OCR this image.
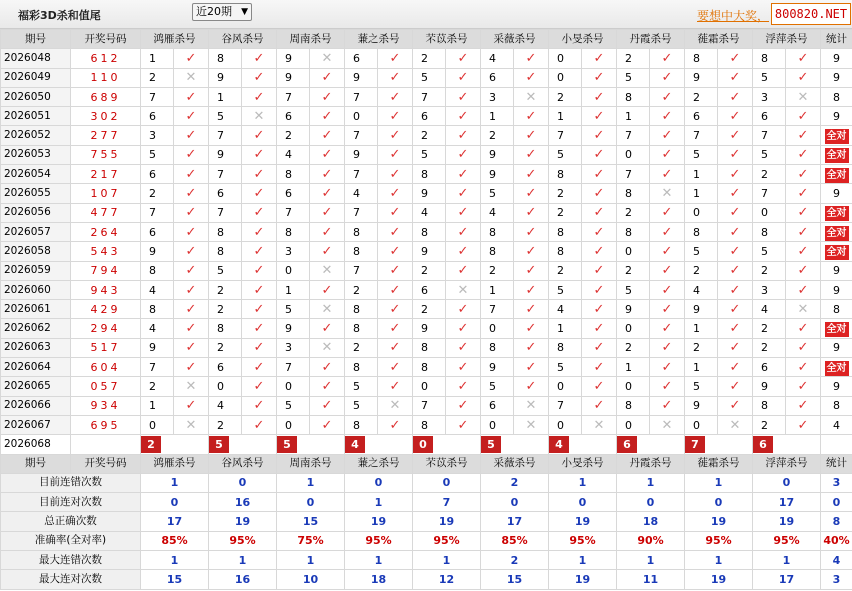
福彩3D杀和值尾	近20期 ▼	要想中大奖， 800820.NET
期号	开奖号码	鸿雁杀号		谷风杀号		周南杀号		蒹之杀号		芣苡杀号		采薇杀号		小旻杀号		丹霞杀号		蓰霜杀号		浮萍杀号		统计
2026048	612	1	✓	8	✓	9	✕	6	✓	2	✓	4	✓	0	✓	2	✓	8	✓	8	✓	9
2026049	110	2	✕	9	✓	9	✓	9	✓	5	✓	6	✓	0	✓	5	✓	9	✓	5	✓	9
2026050	689	7	✓	1	✓	7	✓	7	✓	7	✓	3	✕	2	✓	8	✓	2	✓	3	✕	8
2026051	302	6	✓	5	✕	6	✓	0	✓	6	✓	1	✓	1	✓	1	✓	6	✓	6	✓	9
2026052	277	3	✓	7	✓	2	✓	7	✓	2	✓	2	✓	7	✓	7	✓	7	✓	7	✓	全对
2026053	755	5	✓	9	✓	4	✓	9	✓	5	✓	9	✓	5	✓	0	✓	5	✓	5	✓	全对
2026054	217	6	✓	7	✓	8	✓	7	✓	8	✓	9	✓	8	✓	7	✓	1	✓	2	✓	全对
2026055	107	2	✓	6	✓	6	✓	4	✓	9	✓	5	✓	2	✓	8	✕	1	✓	7	✓	9
2026056	477	7	✓	7	✓	7	✓	7	✓	4	✓	4	✓	2	✓	2	✓	0	✓	0	✓	全对
2026057	264	6	✓	8	✓	8	✓	8	✓	8	✓	8	✓	8	✓	8	✓	8	✓	8	✓	全对
2026058	543	9	✓	8	✓	3	✓	8	✓	9	✓	8	✓	8	✓	0	✓	5	✓	5	✓	全对
2026059	794	8	✓	5	✓	0	✕	7	✓	2	✓	2	✓	2	✓	2	✓	2	✓	2	✓	9
2026060	943	4	✓	2	✓	1	✓	2	✓	6	✕	1	✓	5	✓	5	✓	4	✓	3	✓	9
2026061	429	8	✓	2	✓	5	✕	8	✓	2	✓	7	✓	4	✓	9	✓	9	✓	4	✕	8
2026062	294	4	✓	8	✓	9	✓	8	✓	9	✓	0	✓	1	✓	0	✓	1	✓	2	✓	全对
2026063	517	9	✓	2	✓	3	✕	2	✓	8	✓	8	✓	8	✓	2	✓	2	✓	2	✓	9
2026064	604	7	✓	6	✓	7	✓	8	✓	8	✓	9	✓	5	✓	1	✓	1	✓	6	✓	全对
2026065	057	2	✕	0	✓	0	✓	5	✓	0	✓	5	✓	0	✓	0	✓	5	✓	9	✓	9
2026066	934	1	✓	4	✓	5	✓	5	✕	7	✓	6	✕	7	✓	8	✓	9	✓	8	✓	8
2026067	695	0	✕	2	✓	0	✓	8	✓	8	✓	0	✕	0	✕	0	✕	0	✕	2	✓	4
2026068	当前期杀号	2		5		5		4		0		5		4		6		7		6		
期号	开奖号码	鸿雁杀号		谷风杀号		周南杀号		蒹之杀号		芣苡杀号		采薇杀号		小旻杀号		丹霞杀号		蓰霜杀号		浮萍杀号		统计
目前连错次数		1		0		1		0		0		2		1		1		1		0		3
目前连对次数		0		16		0		1		7		0		0		0		0		17		0
总正确次数		17		19		15		19		19		17		19		18		19		19		8
准确率(全对率)		85%		95%		75%		95%		95%		85%		95%		90%		95%		95%		40%
最大连错次数		1		1		1		1		1		2		1		1		1		1		4
最大连对次数		15		16		10		18		12		15		19		11		19		17		3
